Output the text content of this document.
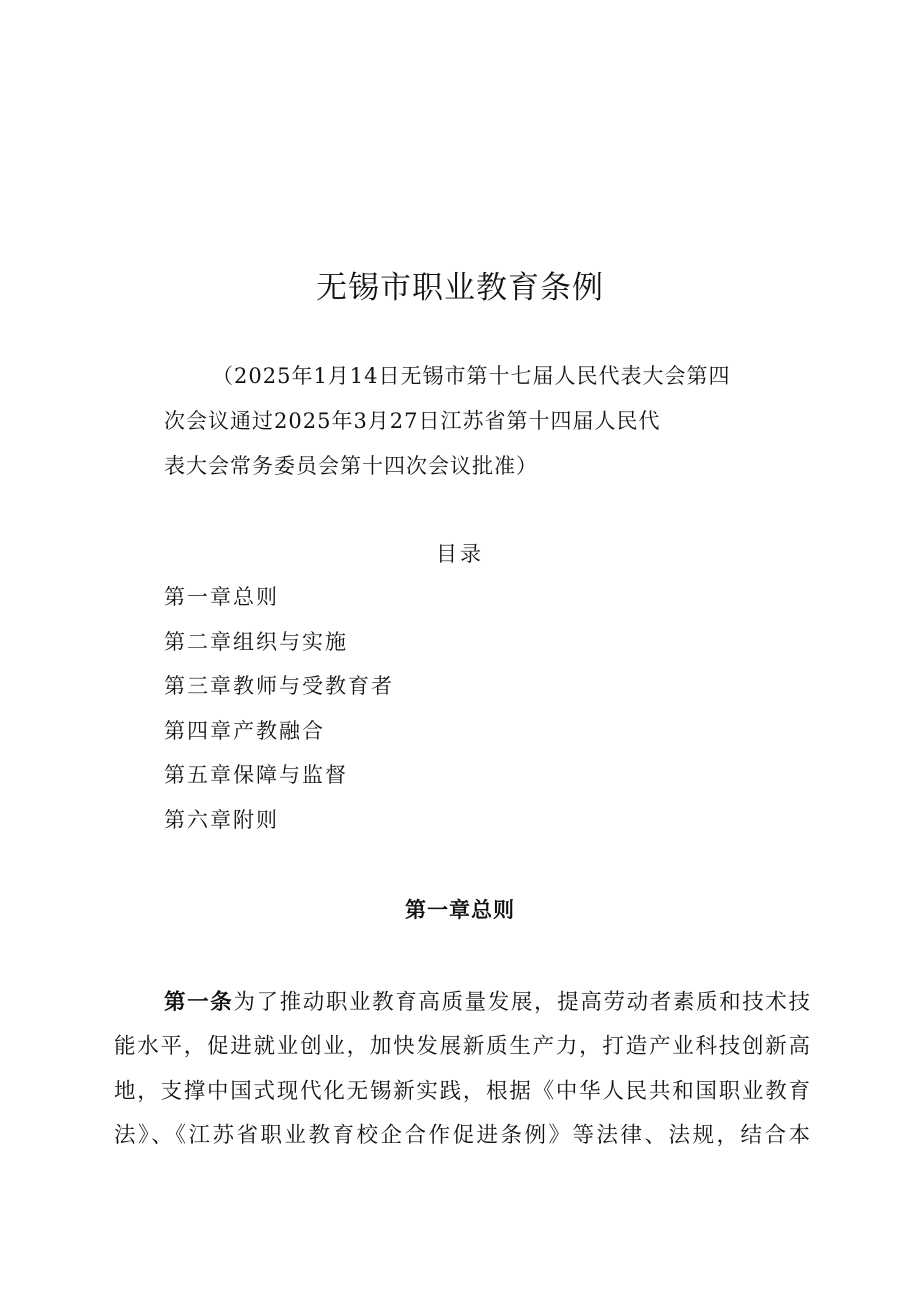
无锡市职业教育条例
（2025年1月14日无锡市第十七届人民代表大会第四
次会议通过2025年3月27日江苏省第十四届人民代
表大会常务委员会第十四次会议批准）
目录
第一章总则
第二章组织与实施
第三章教师与受教育者
第四章产教融合
第五章保障与监督
第六章附则
第一章总则
第一条为了推动职业教育高质量发展，提高劳动者素质和技术技
能水平，促进就业创业，加快发展新质生产力，打造产业科技创新高
地，支撑中国式现代化无锡新实践，根据《中华人民共和国职业教育
法》、《江苏省职业教育校企合作促进条例》等法律、法规，结合本
